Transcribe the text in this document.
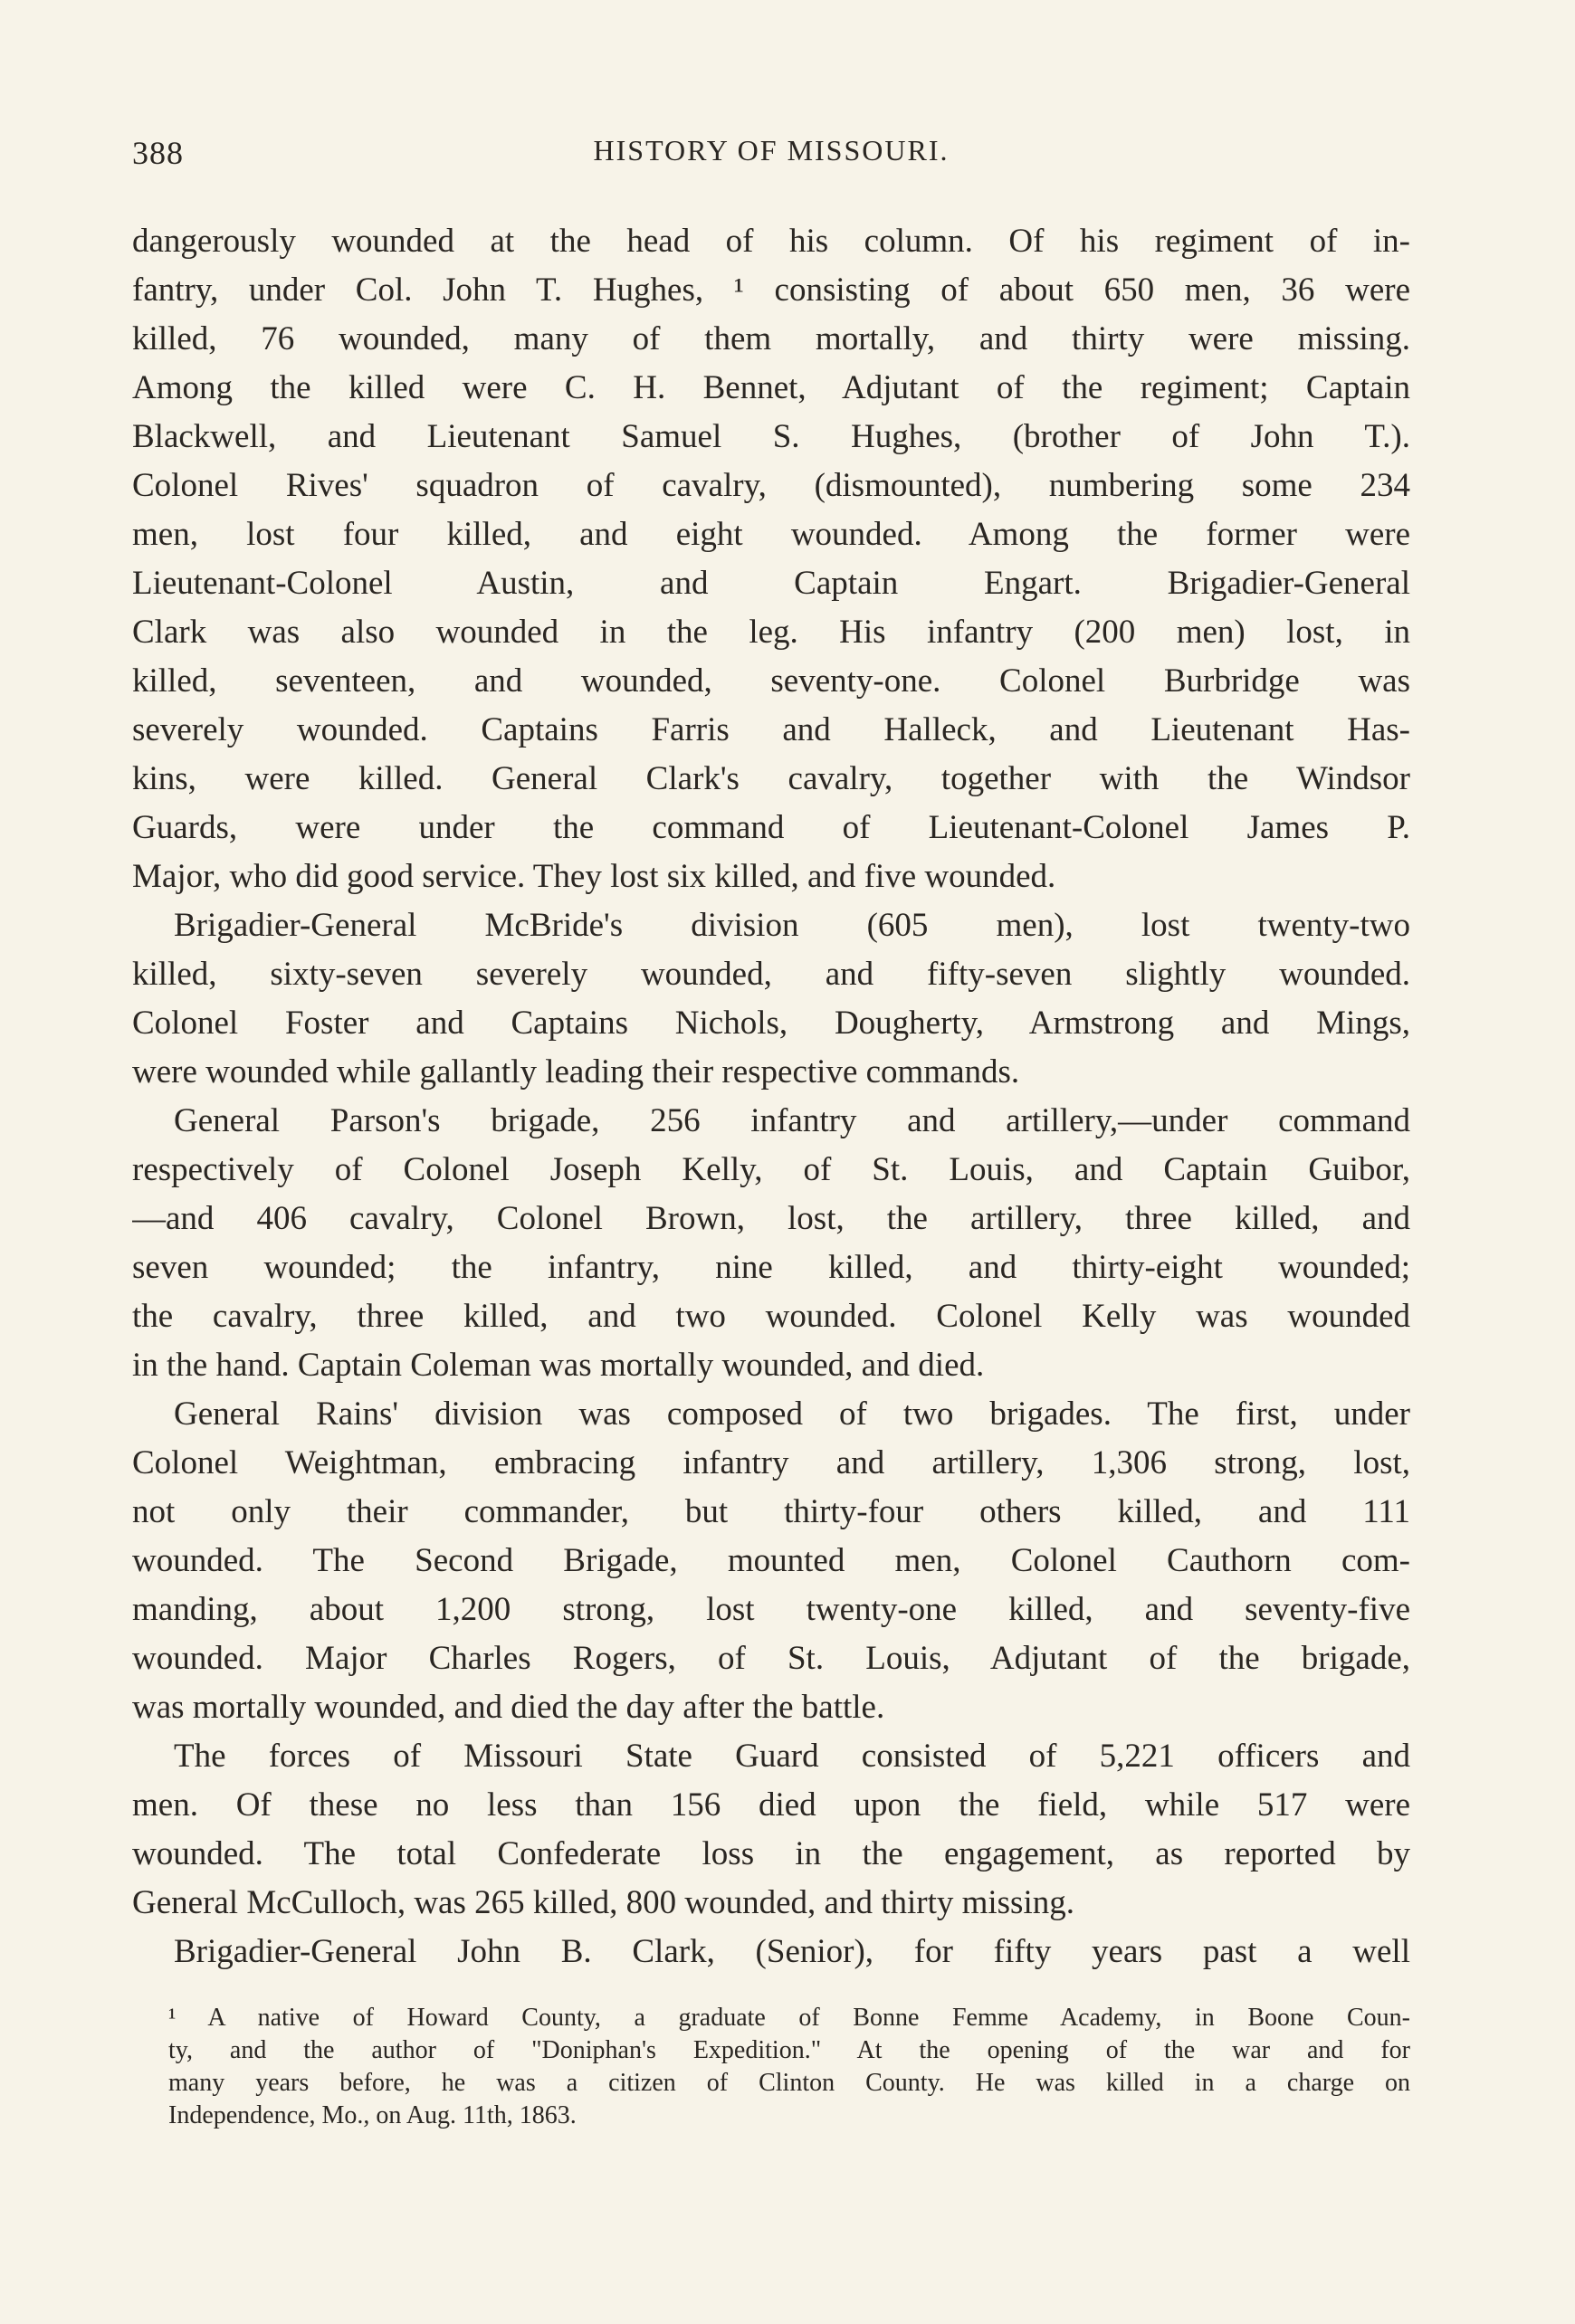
388	HISTORY OF MISSOURI.
dangerously wounded at the head of his column. Of his regiment of in-
fantry, under Col. John T. Hughes, ¹ consisting of about 650 men, 36 were
killed, 76 wounded, many of them mortally, and thirty were missing.
Among the killed were C. H. Bennet, Adjutant of the regiment; Captain
Blackwell, and Lieutenant Samuel S. Hughes, (brother of John T.).
Colonel Rives' squadron of cavalry, (dismounted), numbering some 234
men, lost four killed, and eight wounded. Among the former were
Lieutenant-Colonel Austin, and Captain Engart. Brigadier-General
Clark was also wounded in the leg. His infantry (200 men) lost, in
killed, seventeen, and wounded, seventy-one. Colonel Burbridge was
severely wounded. Captains Farris and Halleck, and Lieutenant Has-
kins, were killed. General Clark's cavalry, together with the Windsor
Guards, were under the command of Lieutenant-Colonel James P.
Major, who did good service. They lost six killed, and five wounded.
Brigadier-General McBride's division (605 men), lost twenty-two
killed, sixty-seven severely wounded, and fifty-seven slightly wounded.
Colonel Foster and Captains Nichols, Dougherty, Armstrong and Mings,
were wounded while gallantly leading their respective commands.
General Parson's brigade, 256 infantry and artillery,—under command
respectively of Colonel Joseph Kelly, of St. Louis, and Captain Guibor,
—and 406 cavalry, Colonel Brown, lost, the artillery, three killed, and
seven wounded; the infantry, nine killed, and thirty-eight wounded;
the cavalry, three killed, and two wounded. Colonel Kelly was wounded
in the hand. Captain Coleman was mortally wounded, and died.
General Rains' division was composed of two brigades. The first, under
Colonel Weightman, embracing infantry and artillery, 1,306 strong, lost,
not only their commander, but thirty-four others killed, and 111
wounded. The Second Brigade, mounted men, Colonel Cauthorn com-
manding, about 1,200 strong, lost twenty-one killed, and seventy-five
wounded. Major Charles Rogers, of St. Louis, Adjutant of the brigade,
was mortally wounded, and died the day after the battle.
The forces of Missouri State Guard consisted of 5,221 officers and
men. Of these no less than 156 died upon the field, while 517 were
wounded. The total Confederate loss in the engagement, as reported by
General McCulloch, was 265 killed, 800 wounded, and thirty missing.
Brigadier-General John B. Clark, (Senior), for fifty years past a well
¹ A native of Howard County, a graduate of Bonne Femme Academy, in Boone Coun-
ty, and the author of "Doniphan's Expedition." At the opening of the war and for
many years before, he was a citizen of Clinton County. He was killed in a charge on
Independence, Mo., on Aug. 11th, 1863.
